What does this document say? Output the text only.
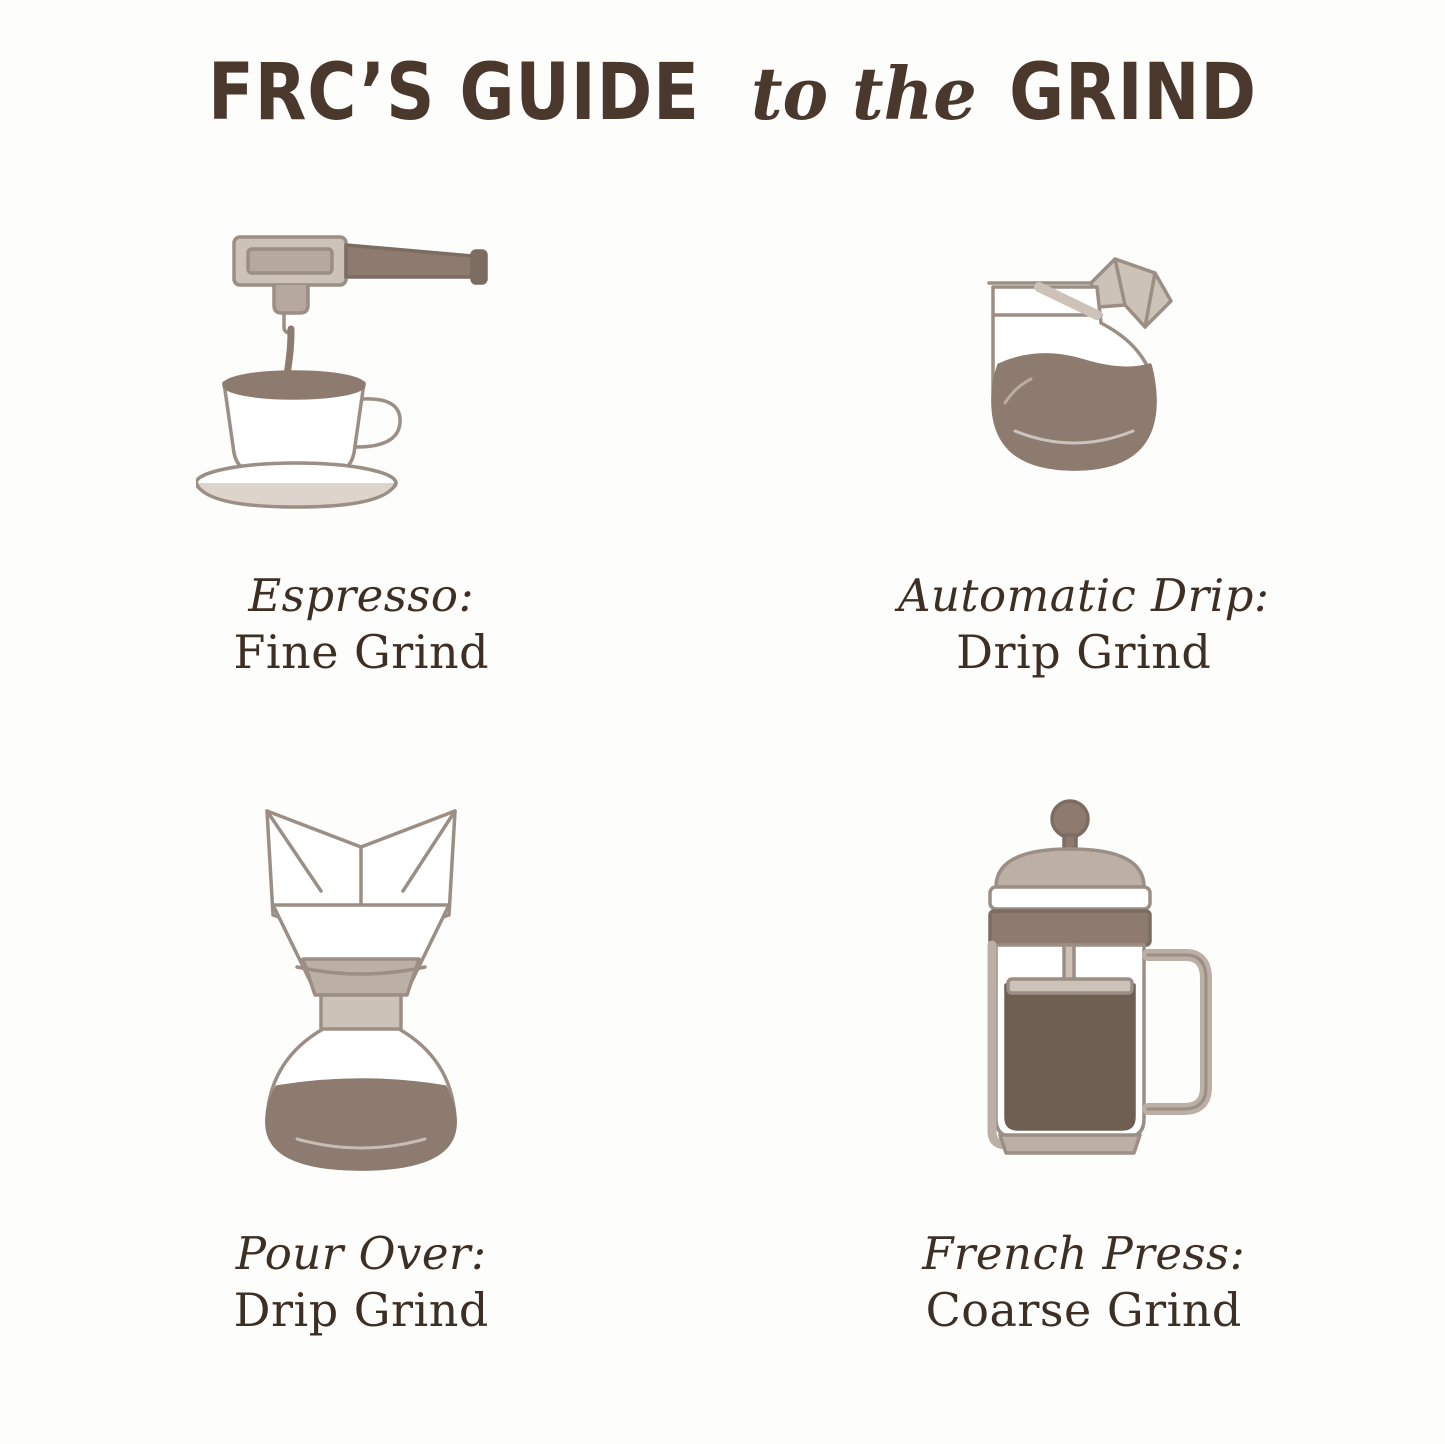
FRC’S GUIDE to the GRIND
Espresso:
Fine Grind
Automatic Drip:
Drip Grind
Pour Over:
Drip Grind
French Press:
Coarse Grind
